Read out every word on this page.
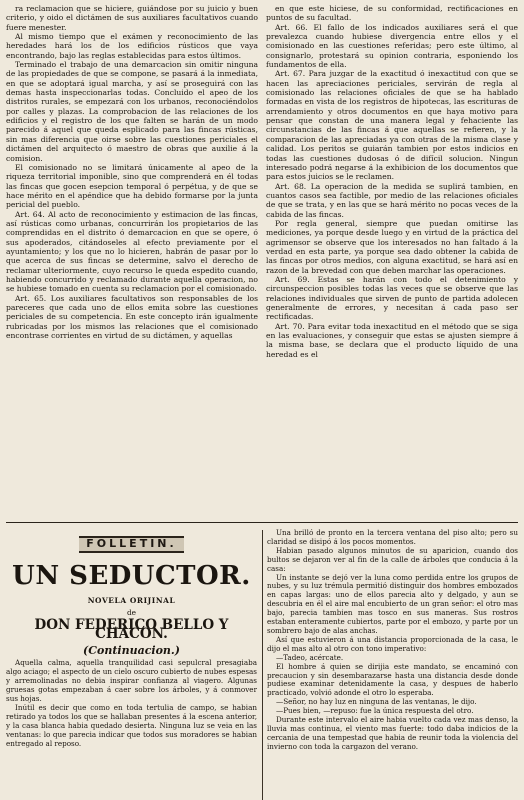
ra reclamacion que se hiciere, guiándose por su juicio y buen criterio, y oido el dictámen de sus auxiliares facultativos cuando fuere menester.

Al mismo tiempo que el exámen y reconocimiento de las heredades hará los de los edificios rústicos que vaya encontrando, bajo las reglas establecidas para estos últimos.

Terminado el trabajo de una demarcacion sin omitir ninguna de las propiedades de que se compone, se pasará á la inmediata, en que se adoptará igual marcha, y así se proseguirá con las demas hasta inspeccionarlas todas. Concluido el apeo de los distritos rurales, se empezará con los urbanos, reconociéndolos por calles y plazas. La comprobacion de las relaciones de los edificios y el registro de los que falten se harán de un modo parecido á aquel que queda esplicado para las fincas rústicas, sin mas diferencia que oirse sobre las cuestiones periciales el dictámen del arquitecto ó maestro de obras que auxilie á la comision.

El comisionado no se limitará únicamente al apeo de la riqueza territorial imponible, sino que comprenderá en él todas las fincas que gocen esepcion temporal ó perpétua, y de que se hace mérito en el apéndice que ha debido formarse por la junta pericial del pueblo.

Art. 64. Al acto de reconocimiento y estimacion de las fincas, así rústicas como urbanas, concurrirán los propietarios de las comprendidas en el distrito ó demarcacion en que se opere, ó sus apoderados, citándoseles al efecto previamente por el ayuntamiento; y los que no lo hicieren, habrán de pasar por lo que acerca de sus fincas se determine, salvo el derecho de reclamar ulteriormente, cuyo recurso le queda espedito cuando, habiendo concurrido y reclamado durante aquella operacion, no se hubiese tomado en cuenta su reclamacion por el comisionado.

Art. 65. Los auxiliares facultativos son responsables de los pareceres que cada uno de ellos emita sobre las cuestiones periciales de su competencia. En este concepto irán igualmente rubricadas por los mismos las relaciones que el comisionado encontrase corrientes en virtud de su dictámen, y aquellas

en que este hiciese, de su conformidad, rectificaciones en puntos de su facultad.

Art. 66. El fallo de los indicados auxiliares será el que prevalezca cuando hubiese divergencia entre ellos y el comisionado en las cuestiones referidas; pero este último, al consignarlo, protestará su opinion contraria, esponiendo los fundamentos de ella.

Art. 67. Para juzgar de la exactitud ó inexactitud con que se hacen las apreciaciones periciales, servirán de regla al comisionado las relaciones oficiales de que se ha hablado formadas en vista de los registros de hipotecas, las escrituras de arrendamiento y otros documentos en que haya motivo para pensar que constan de una manera legal y fehaciente las circunstancias de las fincas á que aquellas se refieren, y la comparacion de las apreciadas ya con otras de la misma clase y calidad. Los peritos se guiarán tambien por estos indicios en todas las cuestiones dudosas ó de difícil solucion. Ningun interesado podrá negarse á la exhibicion de los documentos que para estos juicios se le reclamen.

Art. 68. La operacion de la medida se suplirá tambien, en cuantos casos sea factible, por medio de las relaciones oficiales de que se trata, y en las que se hará mérito no pocas veces de la cabida de las fincas.

Por regla general, siempre que puedan omitirse las mediciones, ya porque desde luego y en virtud de la práctica del agrimensor se observe que los interesados no han faltado á la verdad en esta parte, ya porque sea dado obtener la cabida de las fincas por otros medios, con alguna exactitud, se hará así en razon de la brevedad con que deben marchar las operaciones.

Art. 69. Estas se harán con todo el detenimiento y circunspeccion posibles todas las veces que se observe que las relaciones individuales que sirven de punto de partida adolecen generalmente de errores, y necesitan á cada paso ser rectificadas.

Art. 70. Para evitar toda inexactitud en el método que se siga en las evaluaciones, y conseguir que estas se ajusten siempre á la misma base, se declara que el producto líquido de una heredad es el

FOLLETIN.
UN SEDUCTOR.
NOVELA ORIJINAL
de
DON FEDERICO BELLO Y CHACON.
(Continuacion.)

Aquella calma, aquella tranquilidad casi sepulcral presagiaba algo aciago; el aspecto de un cielo oscuro cubierto de nubes espesas y arremolinadas no debia inspirar confianza al viagero. Algunas gruesas gotas empezaban á caer sobre los árboles, y á conmover sus hojas.

Inútil es decir que como en toda tertulia de campo, se habian retirado ya todos los que se hallaban presentes á la escena anterior, y la casa blanca habia quedado desierta. Ninguna luz se veia en las ventanas: lo que parecia indicar que todos sus moradores se habian entregado al reposo.

Una brilló de pronto en la tercera ventana del piso alto; pero su claridad se disipó á los pocos momentos.

Habian pasado algunos minutos de su aparicion, cuando dos bultos se dejaron ver al fin de la calle de árboles que conducia á la casa:

Un instante se dejó ver la luna como perdida entre los grupos de nubes, y su luz trémula permitió distinguir dos hombres embozados en capas largas: uno de ellos parecia alto y delgado, y aun se descubria en él el aire mal encubierto de un gran señor: el otro mas bajo, parecia tambien mas tosco en sus maneras. Sus rostros estaban enteramente cubiertos, parte por el embozo, y parte por un sombrero bajo de alas anchas.

Así que estuvieron á una distancia proporcionada de la casa, le dijo el mas alto al otro con tono imperativo:

—Tadeo, acércate.

El hombre á quien se dirijia este mandato, se encaminó con precaucion y sin desembarazarse hasta una distancia desde donde pudiese examinar detenidamente la casa, y despues de haberlo practicado, volvió adonde el otro lo esperaba.

—Señor, no hay luz en ninguna de las ventanas, le dijo.

—Pues bien, —repuso: fue la única respuesta del otro.

Durante este intervalo el aire habia vuelto cada vez mas denso, la lluvia mas continua, el viento mas fuerte: todo daba indicios de la cercania de una tempestad que habia de reunir toda la violencia del invierno con toda la cargazon del verano.
